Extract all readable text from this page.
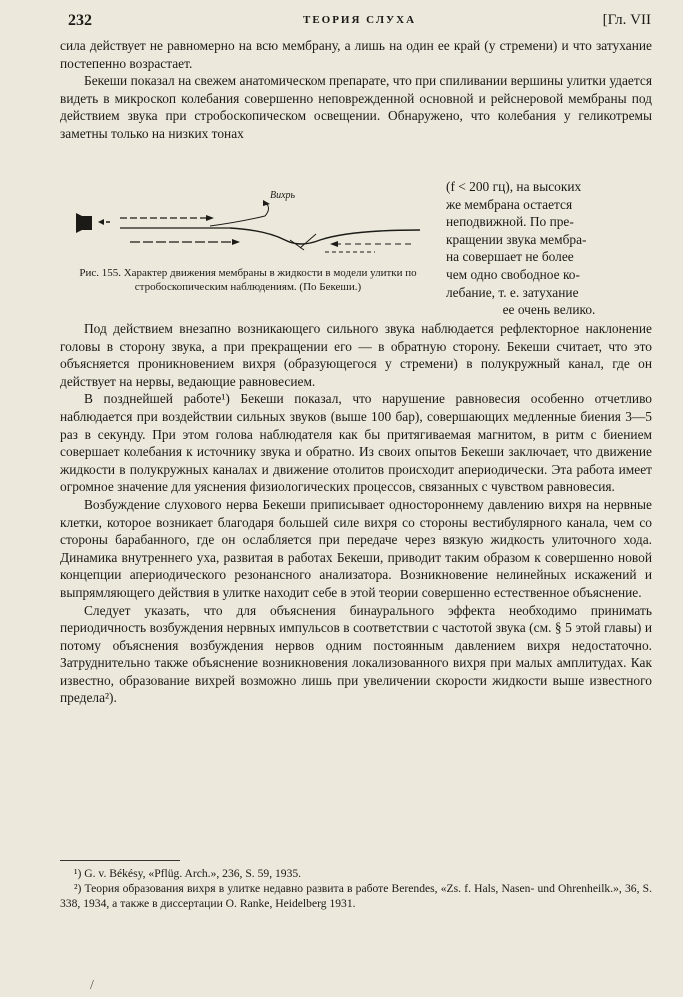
232	ТЕОРИЯ СЛУХА	[Гл. VII

сила действует не равномерно на всю мембрану, а лишь на один ее край (у стремени) и что затухание постепенно возрастает.

Бекеши показал на свежем анатомическом препарате, что при спиливании вершины улитки удается видеть в микроскоп колебания совершенно неповрежденной основной и рейснеровой мембраны под действием звука при стробоскопическом освещении. Обнаружено, что колебания у геликотремы заметны только на низких тонах

Вихрь
Рис. 155. Характер движения мембраны в жидкости в модели улитки по стробоскопическим наблюдениям. (По Бекеши.)
(f < 200 гц), на высоких
же мембрана остается
неподвижной. По пре-
кращении звука мембра-
на совершает не более
чем одно свободное ко-
лебание, т. е. затухание
ее очень велико.

Под действием внезапно возникающего сильного звука наблюдается рефлекторное наклонение головы в сторону звука, а при прекращении его — в обратную сторону. Бекеши считает, что это объясняется проникновением вихря (образующегося у стремени) в полукружный канал, где он действует на нервы, ведающие равновесием.

В позднейшей работе¹) Бекеши показал, что нарушение равновесия особенно отчетливо наблюдается при воздействии сильных звуков (выше 100 бар), совершающих медленные биения 3—5 раз в секунду. При этом голова наблюдателя как бы притягиваемая магнитом, в ритм с биением совершает колебания к источнику звука и обратно. Из своих опытов Бекеши заключает, что движение жидкости в полукружных каналах и движение отолитов происходит апериодически. Эта работа имеет огромное значение для уяснения физиологических процессов, связанных с чувством равновесия.

Возбуждение слухового нерва Бекеши приписывает одностороннему давлению вихря на нервные клетки, которое возникает благодаря большей силе вихря со стороны вестибулярного канала, чем со стороны барабанного, где он ослабляется при передаче через вязкую жидкость улиточного хода. Динамика внутреннего уха, развитая в работах Бекеши, приводит таким образом к совершенно новой концепции апериодического резонансного анализатора. Возникновение нелинейных искажений и выпрямляющего действия в улитке находит себе в этой теории совершенно естественное объяснение.

Следует указать, что для объяснения бинаурального эффекта необходимо принимать периодичность возбуждения нервных импульсов в соответствии с частотой звука (см. § 5 этой главы) и потому объяснения возбуждения нервов одним постоянным давлением вихря недостаточно. Затруднительно также объяснение возникновения локализованного вихря при малых амплитудах. Как известно, образование вихрей возможно лишь при увеличении скорости жидкости выше известного предела²).

¹) G. v. Békésy, «Pflüg. Arch.», 236, S. 59, 1935.

²) Теория образования вихря в улитке недавно развита в работе Berendes, «Zs. f. Hals, Nasen- und Ohrenheilk.», 36, S. 338, 1934, а также в диссертации O. Ranke, Heidelberg 1931.

/
